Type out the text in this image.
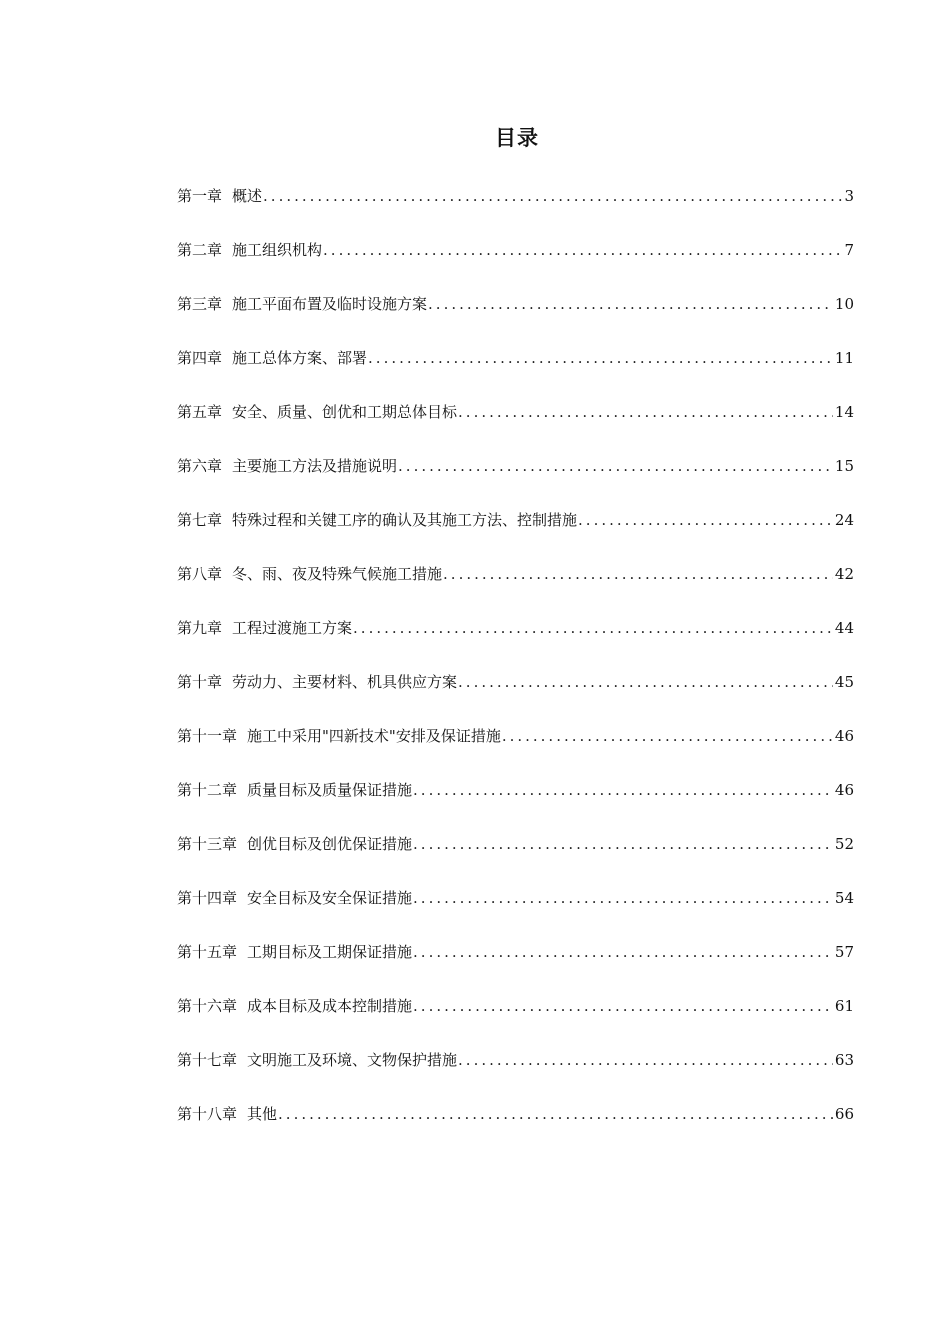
目录
第一章 概述 .....	3
第二章 施工组织机构 .....	7
第三章 施工平面布置及临时设施方案 .....	10
第四章 施工总体方案、部署 .....	11
第五章 安全、质量、创优和工期总体目标 .....	14
第六章 主要施工方法及措施说明 .....	15
第七章 特殊过程和关键工序的确认及其施工方法、控制措施 .....	24
第八章 冬、雨、夜及特殊气候施工措施 .....	42
第九章 工程过渡施工方案 .....	44
第十章 劳动力、主要材料、机具供应方案 .....	45
第十一章 施工中采用"四新技术"安排及保证措施 .....	46
第十二章 质量目标及质量保证措施 .....	46
第十三章 创优目标及创优保证措施 .....	52
第十四章 安全目标及安全保证措施 .....	54
第十五章 工期目标及工期保证措施 .....	57
第十六章 成本目标及成本控制措施 .....	61
第十七章 文明施工及环境、文物保护措施 .....	63
第十八章 其他 .....	66
